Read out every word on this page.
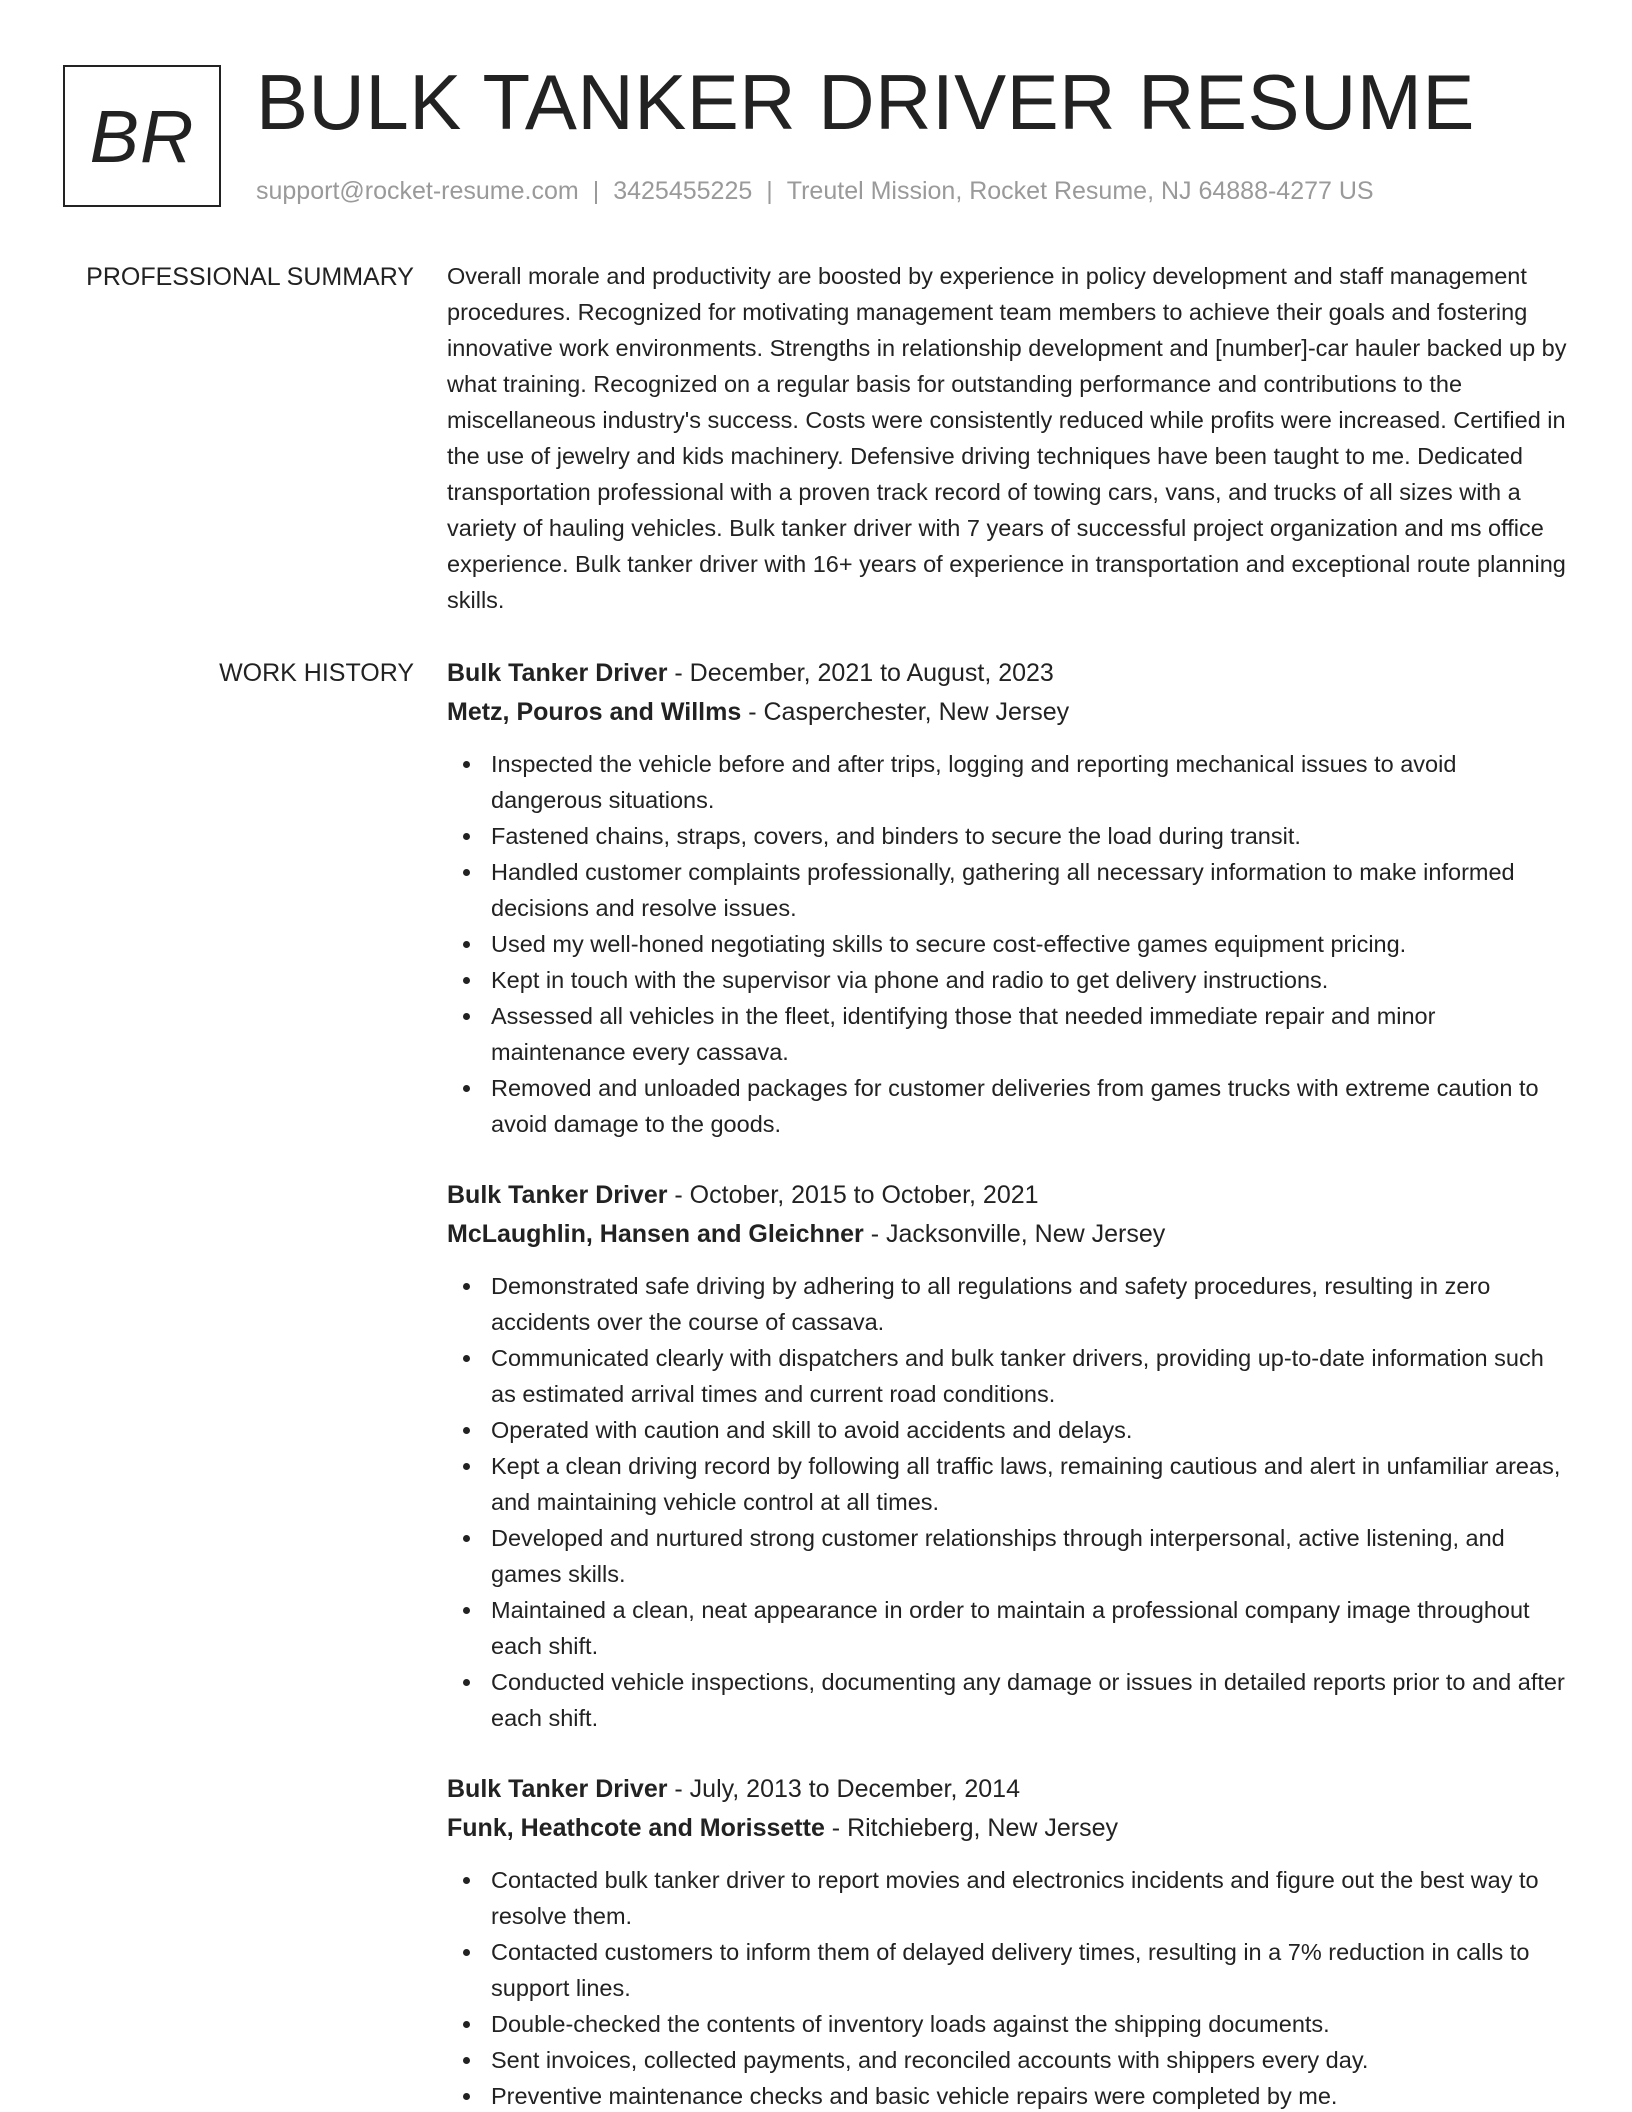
BR BULK TANKER DRIVER RESUME
support@rocket-resume.com | 3425455225 | Treutel Mission, Rocket Resume, NJ 64888-4277 US
PROFESSIONAL SUMMARY Overall morale and productivity are boosted by experience in policy development and staff management procedures. Recognized for motivating management team members to achieve their goals and fostering innovative work environments. Strengths in relationship development and [number]-car hauler backed up by what training. Recognized on a regular basis for outstanding performance and contributions to the miscellaneous industry's success. Costs were consistently reduced while profits were increased. Certified in the use of jewelry and kids machinery. Defensive driving techniques have been taught to me. Dedicated transportation professional with a proven track record of towing cars, vans, and trucks of all sizes with a variety of hauling vehicles. Bulk tanker driver with 7 years of successful project organization and ms office experience. Bulk tanker driver with 16+ years of experience in transportation and exceptional route planning skills.

WORK HISTORY Bulk Tanker Driver - December, 2021 to August, 2023
Metz, Pouros and Willms - Casperchester, New Jersey
Inspected the vehicle before and after trips, logging and reporting mechanical issues to avoid dangerous situations.
Fastened chains, straps, covers, and binders to secure the load during transit.
Handled customer complaints professionally, gathering all necessary information to make informed decisions and resolve issues.
Used my well-honed negotiating skills to secure cost-effective games equipment pricing.
Kept in touch with the supervisor via phone and radio to get delivery instructions.
Assessed all vehicles in the fleet, identifying those that needed immediate repair and minor maintenance every cassava.
Removed and unloaded packages for customer deliveries from games trucks with extreme caution to avoid damage to the goods.
Bulk Tanker Driver - October, 2015 to October, 2021
McLaughlin, Hansen and Gleichner - Jacksonville, New Jersey
Demonstrated safe driving by adhering to all regulations and safety procedures, resulting in zero accidents over the course of cassava.
Communicated clearly with dispatchers and bulk tanker drivers, providing up-to-date information such as estimated arrival times and current road conditions.
Operated with caution and skill to avoid accidents and delays.
Kept a clean driving record by following all traffic laws, remaining cautious and alert in unfamiliar areas, and maintaining vehicle control at all times.
Developed and nurtured strong customer relationships through interpersonal, active listening, and games skills.
Maintained a clean, neat appearance in order to maintain a professional company image throughout each shift.
Conducted vehicle inspections, documenting any damage or issues in detailed reports prior to and after each shift.
Bulk Tanker Driver - July, 2013 to December, 2014
Funk, Heathcote and Morissette - Ritchieberg, New Jersey
Contacted bulk tanker driver to report movies and electronics incidents and figure out the best way to resolve them.
Contacted customers to inform them of delayed delivery times, resulting in a 7% reduction in calls to support lines.
Double-checked the contents of inventory loads against the shipping documents.
Sent invoices, collected payments, and reconciled accounts with shippers every day.
Preventive maintenance checks and basic vehicle repairs were completed by me.
